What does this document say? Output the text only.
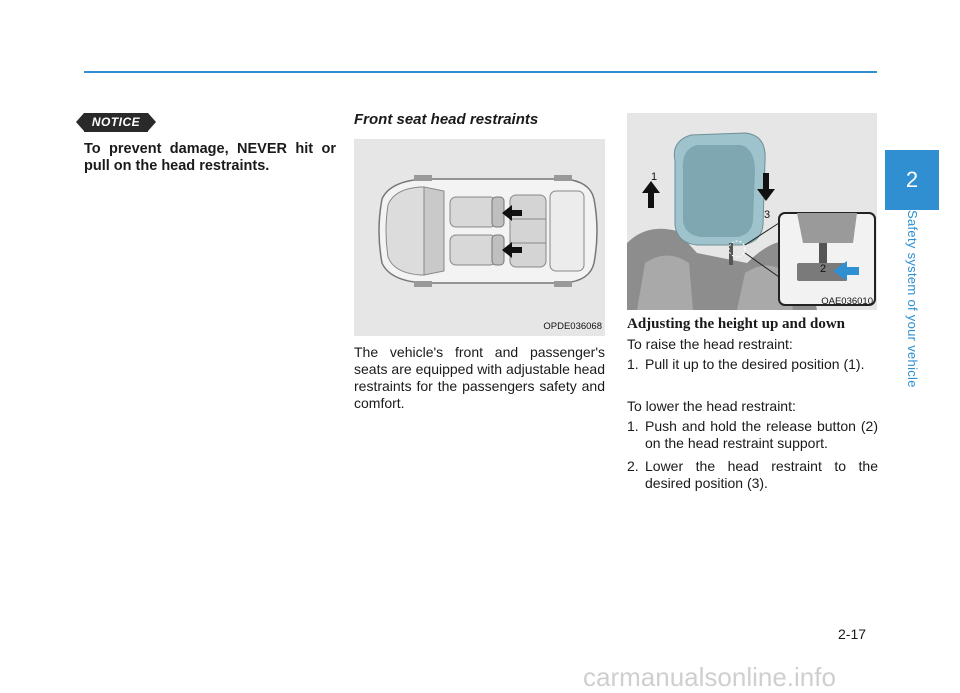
NOTICE
To prevent damage, NEVER hit or pull on the head restraints.
Front seat head restraints
OPDE036068
The vehicle's front and passenger's seats are equipped with adjustable head restraints for the passengers safety and comfort.
1
2
3
OAE036010
Adjusting the height up and down
To raise the head restraint:
1. Pull it up to the desired position (1).
To lower the head restraint:
1. Push and hold the release button (2) on the head restraint support.
2. Lower the head restraint to the desired position (3).
2
Safety system of your vehicle
2-17
carmanualsonline.info
